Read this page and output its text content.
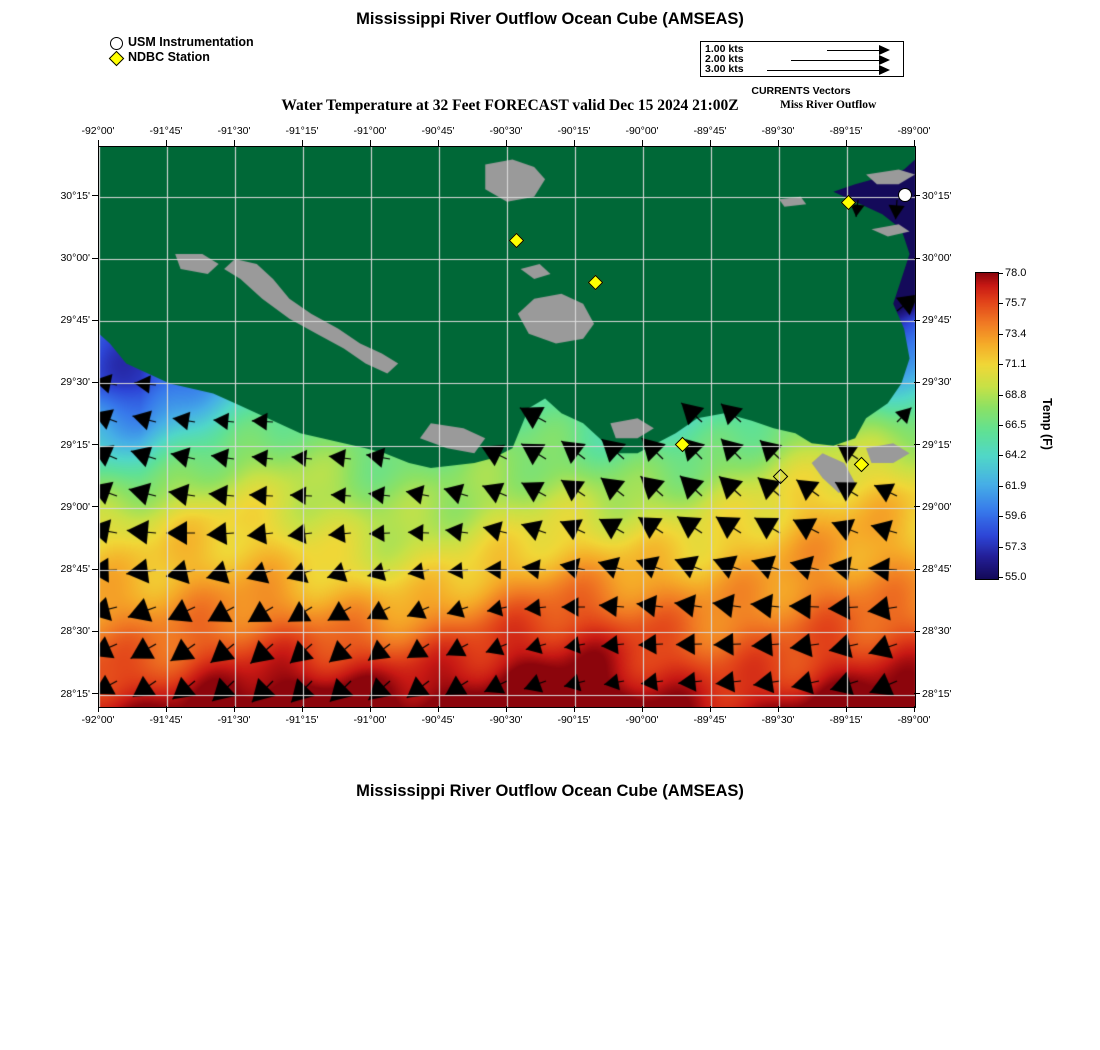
Mississippi River Outflow Ocean Cube (AMSEAS)
Water Temperature at 32 Feet FORECAST valid Dec 15 2024 21:00Z	Miss River Outflow
Mississippi River Outflow Ocean Cube (AMSEAS)
USM Instrumentation
NDBC Station
1.00 kts
2.00 kts
3.00 kts
CURRENTS Vectors
-92°00'
-92°00'
-91°45'
-91°45'
-91°30'
-91°30'
-91°15'
-91°15'
-91°00'
-91°00'
-90°45'
-90°45'
-90°30'
-90°30'
-90°15'
-90°15'
-90°00'
-90°00'
-89°45'
-89°45'
-89°30'
-89°30'
-89°15'
-89°15'
-89°00'
-89°00'
30°15'	30°15'
30°00'	30°00'
29°45'	29°45'
29°30'	29°30'
29°15'	29°15'
29°00'	29°00'
28°45'	28°45'
28°30'	28°30'
28°15'	28°15'
78.0
75.7
73.4
71.1
68.8
66.5
64.2
61.9
59.6
57.3
55.0
Temp (F)
